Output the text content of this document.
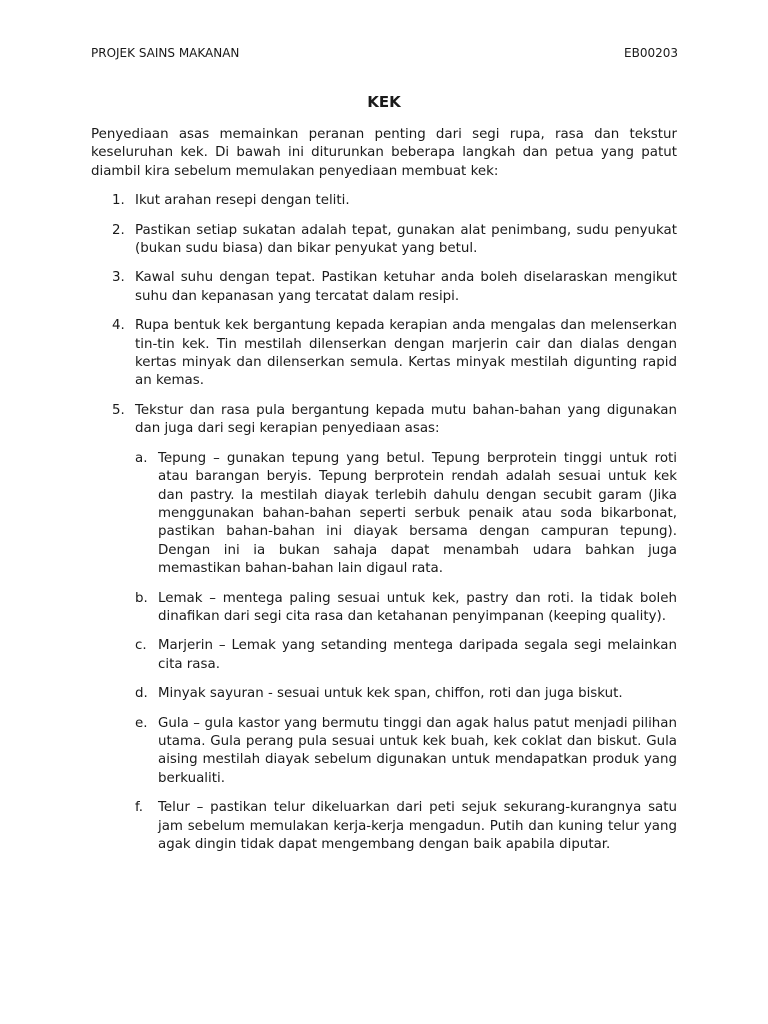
PROJEK SAINS MAKANAN	EB00203
KEK

Penyediaan asas memainkan peranan penting dari segi rupa, rasa dan tekstur keseluruhan kek. Di bawah ini diturunkan beberapa langkah dan petua yang patut diambil kira sebelum memulakan penyediaan membuat kek:

1. Ikut arahan resepi dengan teliti.
2. Pastikan setiap sukatan adalah tepat, gunakan alat penimbang, sudu penyukat (bukan sudu biasa) dan bikar penyukat yang betul.
3. Kawal suhu dengan tepat. Pastikan ketuhar anda boleh diselaraskan mengikut suhu dan kepanasan yang tercatat dalam resipi.
4. Rupa bentuk kek bergantung kepada kerapian anda mengalas dan melenserkan tin-tin kek. Tin mestilah dilenserkan dengan marjerin cair dan dialas dengan kertas minyak dan dilenserkan semula. Kertas minyak mestilah digunting rapid an kemas.
5. Tekstur dan rasa pula bergantung kepada mutu bahan-bahan yang digunakan dan juga dari segi kerapian penyediaan asas:
a. Tepung – gunakan tepung yang betul. Tepung berprotein tinggi untuk roti atau barangan beryis. Tepung berprotein rendah adalah sesuai untuk kek dan pastry. Ia mestilah diayak terlebih dahulu dengan secubit garam (Jika menggunakan bahan-bahan seperti serbuk penaik atau soda bikarbonat, pastikan bahan-bahan ini diayak bersama dengan campuran tepung). Dengan ini ia bukan sahaja dapat menambah udara bahkan juga memastikan bahan-bahan lain digaul rata.
b. Lemak – mentega paling sesuai untuk kek, pastry dan roti. Ia tidak boleh dinafikan dari segi cita rasa dan ketahanan penyimpanan (keeping quality).
c. Marjerin – Lemak yang setanding mentega daripada segala segi melainkan cita rasa.
d. Minyak sayuran - sesuai untuk kek span, chiffon, roti dan juga biskut.
e. Gula – gula kastor yang bermutu tinggi dan agak halus patut menjadi pilihan utama. Gula perang pula sesuai untuk kek buah, kek coklat dan biskut. Gula aising mestilah diayak sebelum digunakan untuk mendapatkan produk yang berkualiti.
f. Telur – pastikan telur dikeluarkan dari peti sejuk sekurang-kurangnya satu jam sebelum memulakan kerja-kerja mengadun. Putih dan kuning telur yang agak dingin tidak dapat mengembang dengan baik apabila diputar.
